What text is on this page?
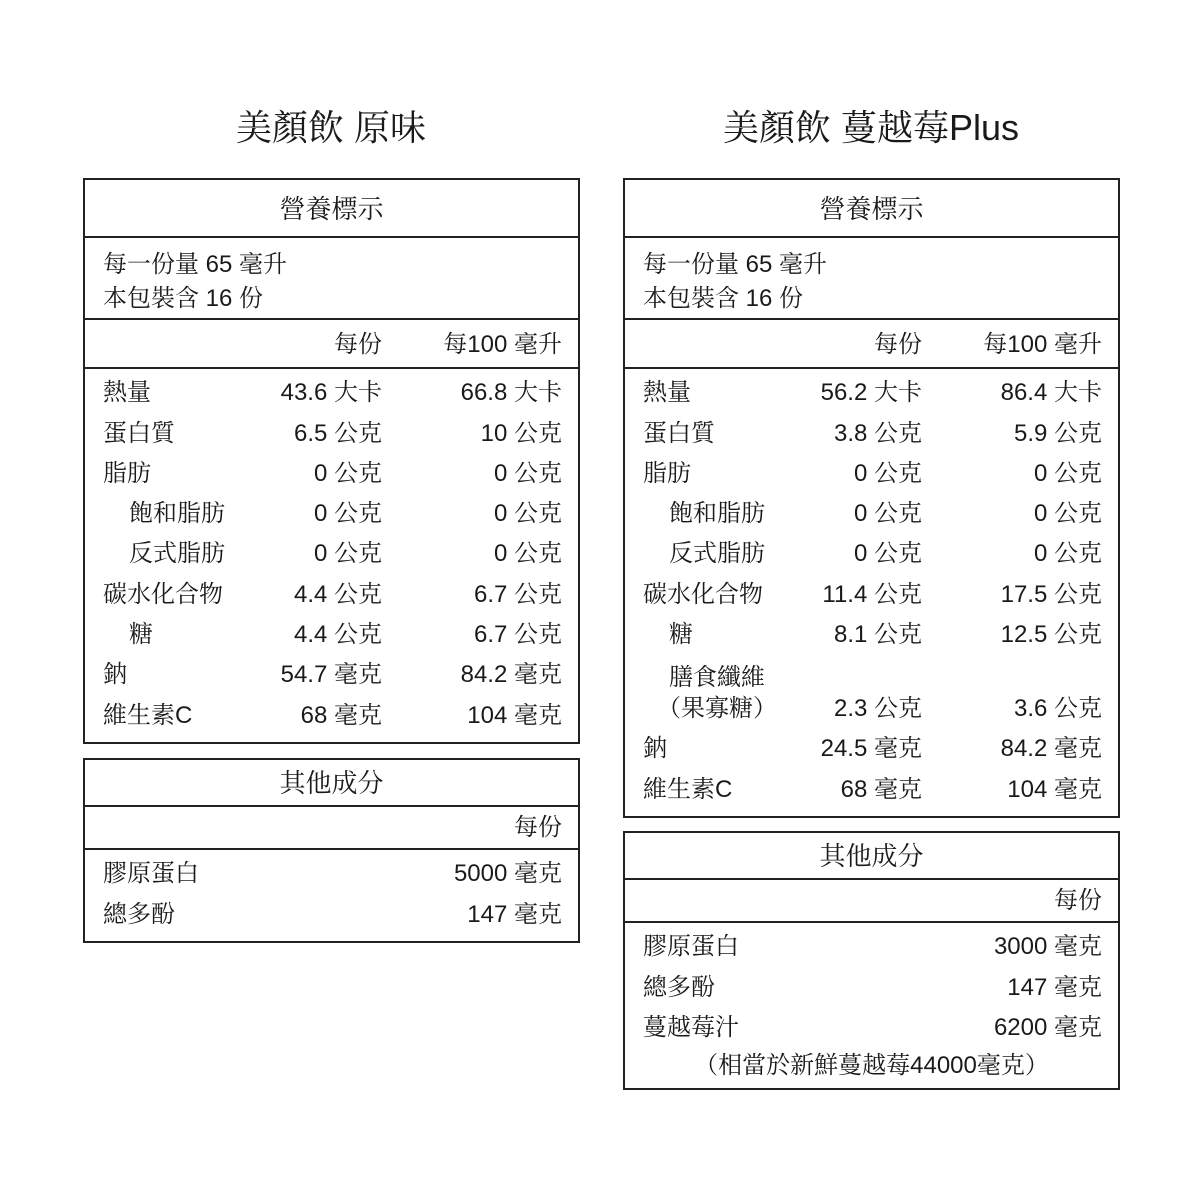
美顏飲 原味
營養標示
每一份量 65 毫升
本包裝含 16 份
每份	每100 毫升
熱量	43.6 大卡	66.8 大卡
蛋白質	6.5 公克	10 公克
脂肪	0 公克	0 公克
飽和脂肪	0 公克	0 公克
反式脂肪	0 公克	0 公克
碳水化合物	4.4 公克	6.7 公克
糖	4.4 公克	6.7 公克
鈉	54.7 毫克	84.2 毫克
維生素C	68 毫克	104 毫克
其他成分
每份
膠原蛋白	5000 毫克
總多酚	147 毫克
美顏飲 蔓越莓Plus
營養標示
每一份量 65 毫升
本包裝含 16 份
每份	每100 毫升
熱量	56.2 大卡	86.4 大卡
蛋白質	3.8 公克	5.9 公克
脂肪	0 公克	0 公克
飽和脂肪	0 公克	0 公克
反式脂肪	0 公克	0 公克
碳水化合物 11.4 公克	17.5 公克
糖	8.1 公克	12.5 公克
膳食纖維
（果寡糖） 2.3 公克	3.6 公克
鈉	24.5 毫克	84.2 毫克
維生素C	68 毫克	104 毫克
其他成分
每份
膠原蛋白	3000 毫克
總多酚	147 毫克
蔓越莓汁	6200 毫克
（相當於新鮮蔓越莓44000毫克）
